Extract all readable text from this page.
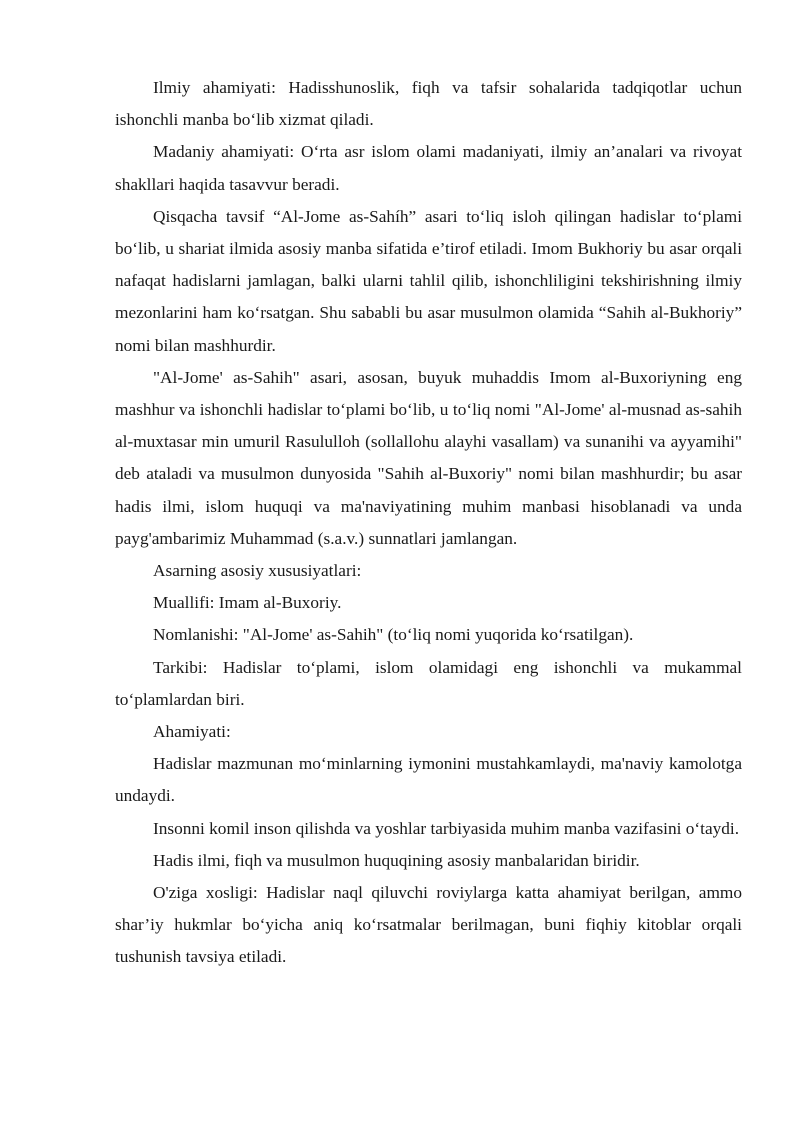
Ilmiy ahamiyati: Hadisshunoslik, fiqh va tafsir sohalarida tadqiqotlar uchun ishonchli manba bo‘lib xizmat qiladi.

Madaniy ahamiyati: O‘rta asr islom olami madaniyati, ilmiy an’analari va rivoyat shakllari haqida tasavvur beradi.

Qisqacha tavsif “Al-Jome as-Sahíh” asari to‘liq isloh qilingan hadislar to‘plami bo‘lib, u shariat ilmida asosiy manba sifatida e’tirof etiladi. Imom Bukhoriy bu asar orqali nafaqat hadislarni jamlagan, balki ularni tahlil qilib, ishonchliligini tekshirishning ilmiy mezonlarini ham ko‘rsatgan. Shu sababli bu asar musulmon olamida “Sahih al-Bukhoriy” nomi bilan mashhurdir.

"Al-Jome' as-Sahih" asari, asosan, buyuk muhaddis Imom al-Buxoriyning eng mashhur va ishonchli hadislar to‘plami bo‘lib, u to‘liq nomi "Al-Jome' al-musnad as-sahih al-muxtasar min umuril Rasululloh (sollallohu alayhi vasallam) va sunanihi va ayyamihi" deb ataladi va musulmon dunyosida "Sahih al-Buxoriy" nomi bilan mashhurdir; bu asar hadis ilmi, islom huquqi va ma'naviyatining muhim manbasi hisoblanadi va unda payg'ambarimiz Muhammad (s.a.v.) sunnatlari jamlangan.

Asarning asosiy xususiyatlari:

Muallifi: Imam al-Buxoriy.

Nomlanishi: "Al-Jome' as-Sahih" (to‘liq nomi yuqorida ko‘rsatilgan).

Tarkibi: Hadislar to‘plami, islom olamidagi eng ishonchli va mukammal to‘plamlardan biri.

Ahamiyati:

Hadislar mazmunan mo‘minlarning iymonini mustahkamlaydi, ma'naviy kamolotga undaydi.

Insonni komil inson qilishda va yoshlar tarbiyasida muhim manba vazifasini o‘taydi.

Hadis ilmi, fiqh va musulmon huquqining asosiy manbalaridan biridir.

O'ziga xosligi: Hadislar naql qiluvchi roviylarga katta ahamiyat berilgan, ammo shar’iy hukmlar bo‘yicha aniq ko‘rsatmalar berilmagan, buni fiqhiy kitoblar orqali tushunish tavsiya etiladi.
